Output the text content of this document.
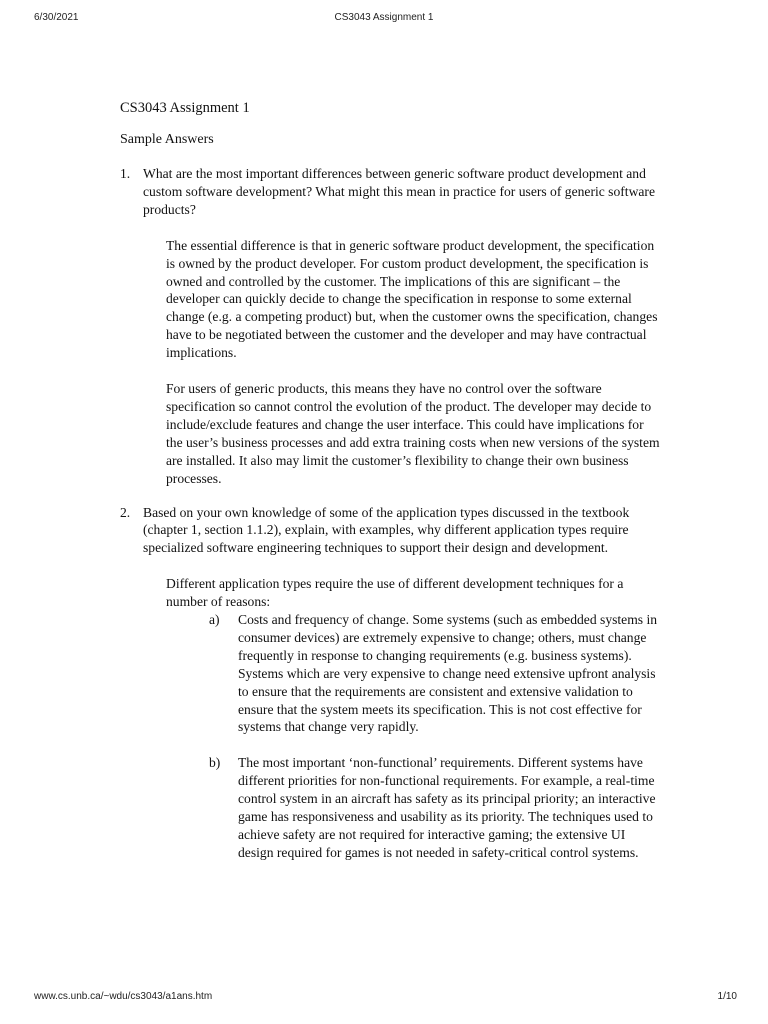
6/30/2021	CS3043 Assignment 1
CS3043 Assignment 1
Sample Answers
1. What are the most important differences between generic software product development and custom software development? What might this mean in practice for users of generic software products?

The essential difference is that in generic software product development, the specification is owned by the product developer. For custom product development, the specification is owned and controlled by the customer. The implications of this are significant – the developer can quickly decide to change the specification in response to some external change (e.g. a competing product) but, when the customer owns the specification, changes have to be negotiated between the customer and the developer and may have contractual implications.

For users of generic products, this means they have no control over the software specification so cannot control the evolution of the product. The developer may decide to include/exclude features and change the user interface. This could have implications for the user’s business processes and add extra training costs when new versions of the system are installed. It also may limit the customer’s flexibility to change their own business processes.

2. Based on your own knowledge of some of the application types discussed in the textbook (chapter 1, section 1.1.2), explain, with examples, why different application types require specialized software engineering techniques to support their design and development.

Different application types require the use of different development techniques for a number of reasons:

a) Costs and frequency of change. Some systems (such as embedded systems in consumer devices) are extremely expensive to change; others, must change frequently in response to changing requirements (e.g. business systems). Systems which are very expensive to change need extensive upfront analysis to ensure that the requirements are consistent and extensive validation to ensure that the system meets its specification. This is not cost effective for systems that change very rapidly.

b) The most important ‘non-functional’ requirements. Different systems have different priorities for non-functional requirements. For example, a real-time control system in an aircraft has safety as its principal priority; an interactive game has responsiveness and usability as its priority. The techniques used to achieve safety are not required for interactive gaming; the extensive UI design required for games is not needed in safety-critical control systems.

www.cs.unb.ca/~wdu/cs3043/a1ans.htm	1/10
